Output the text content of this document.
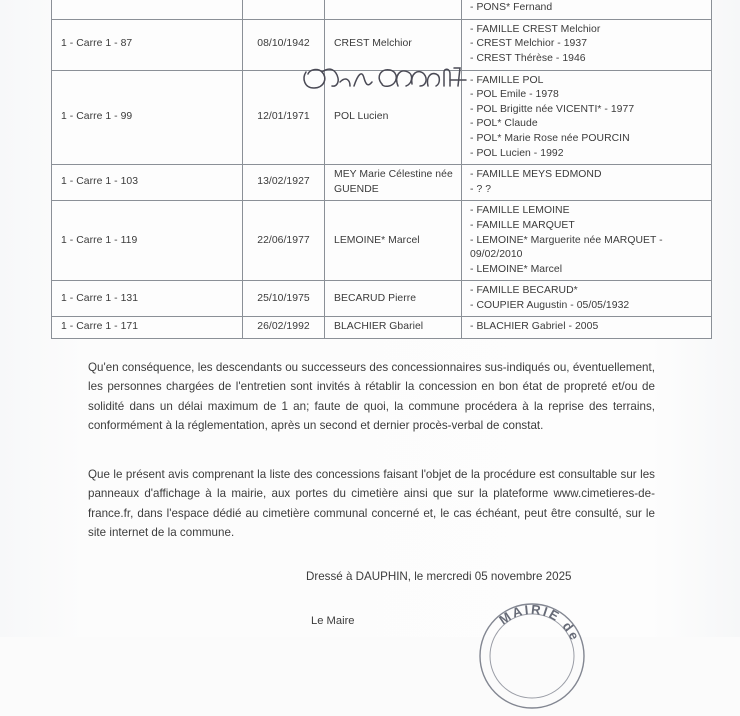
			- PONS* Fernand

1 - Carre 1 - 87	08/10/1942	CREST Melchior	- FAMILLE CREST Melchior
- CREST Melchior - 1937
- CREST Thérèse - 1946

1 - Carre 1 - 99	12/01/1971	POL Lucien	
- FAMILLE POL
- POL Emile - 1978
- POL Brigitte née VICENTI* - 1977
- POL* Claude
- POL* Marie Rose née POURCIN
- POL Lucien - 1992

1 - Carre 1 - 103	13/02/1927	MEY Marie Célestine née GUENDE	- FAMILLE MEYS EDMOND
- ? ?

1 - Carre 1 - 119	22/06/1977	LEMOINE* Marcel	- FAMILLE LEMOINE
- FAMILLE MARQUET
- LEMOINE* Marguerite née MARQUET - 09/02/2010
- LEMOINE* Marcel

1 - Carre 1 - 131	25/10/1975	BECARUD Pierre	- FAMILLE BECARUD*
- COUPIER Augustin - 05/05/1932

1 - Carre 1 - 171	26/02/1992	BLACHIER Gbariel	- BLACHIER Gabriel - 2005

Qu'en conséquence, les descendants ou successeurs des concessionnaires sus-indiqués ou, éventuellement, les personnes chargées de l'entretien sont invités à rétablir la concession en bon état de propreté et/ou de solidité dans un délai maximum de 1 an; faute de quoi, la commune procédera à la reprise des terrains, conformément à la réglementation, après un second et dernier procès-verbal de constat.

Que le présent avis comprenant la liste des concessions faisant l'objet de la procédure est consultable sur les panneaux d'affichage à la mairie, aux portes du cimetière ainsi que sur la plateforme www.cimetieres-de-france.fr, dans l'espace dédié au cimetière communal concerné et, le cas échéant, peut être consulté, sur le site internet de la commune.

Dressé à DAUPHIN, le mercredi 05 novembre 2025
Le Maire	MAIRIE de
